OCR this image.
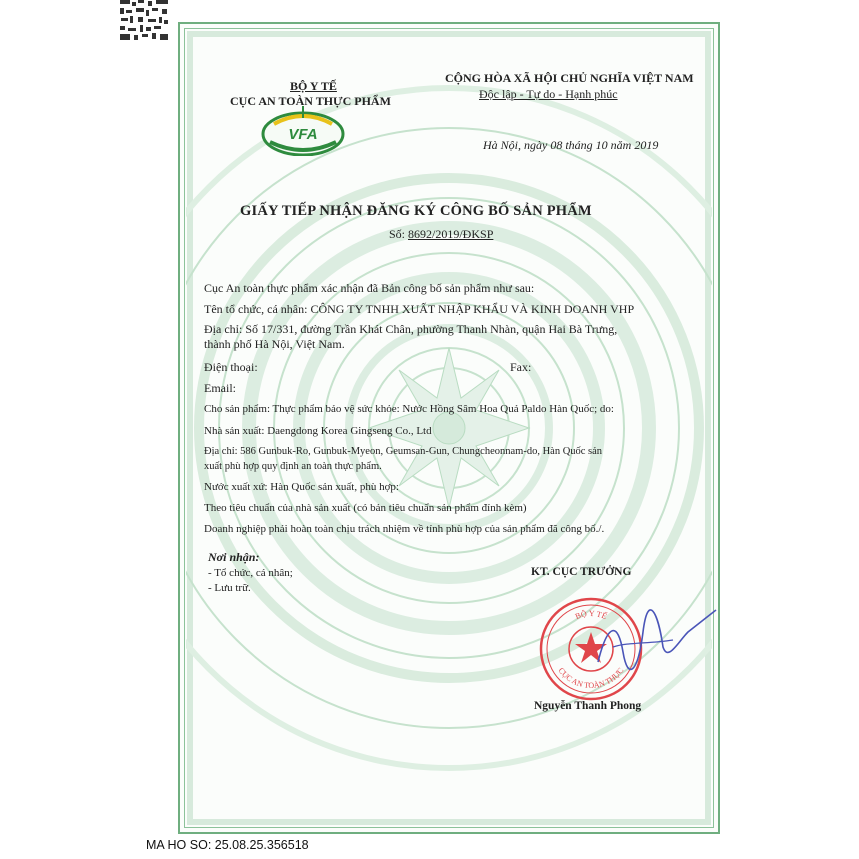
BỘ Y TẾ
CỤC AN TOÀN THỰC PHẨM
VFA
CỘNG HÒA XÃ HỘI CHỦ NGHĨA VIỆT NAM
Độc lập - Tự do - Hạnh phúc
Hà Nội, ngày 08 tháng 10 năm 2019
GIẤY TIẾP NHẬN ĐĂNG KÝ CÔNG BỐ SẢN PHẨM
Số: 8692/2019/ĐKSP
Cục An toàn thực phẩm xác nhận đã Bản công bố sản phẩm như sau:
Tên tổ chức, cá nhân: CÔNG TY TNHH XUẤT NHẬP KHẨU VÀ KINH DOANH VHP
Địa chỉ: Số 17/331, đường Trần Khát Chân, phường Thanh Nhàn, quận Hai Bà Trưng,
thành phố Hà Nội, Việt Nam.
Điện thoại:	Fax:
Email:
Cho sản phẩm: Thực phẩm bảo vệ sức khỏe: Nước Hồng Sâm Hoa Quả Paldo Hàn Quốc; do:
Nhà sản xuất: Daengdong Korea Gingseng Co., Ltd
Địa chỉ: 586 Gunbuk-Ro, Gunbuk-Myeon, Geumsan-Gun, Chungcheonnam-do, Hàn Quốc sản
xuất phù hợp quy định an toàn thực phẩm.
Nước xuất xứ: Hàn Quốc sản xuất, phù hợp:
Theo tiêu chuẩn của nhà sản xuất (có bản tiêu chuẩn sản phẩm đính kèm)
Doanh nghiệp phải hoàn toàn chịu trách nhiệm về tính phù hợp của sản phẩm đã công bố./.
Nơi nhận:
- Tổ chức, cá nhân;
- Lưu trữ.
KT. CỤC TRƯỞNG
BỘ Y TẾ
CỤC AN TOÀN THỰC
Nguyễn Thanh Phong
MA HO SO: 25.08.25.356518
